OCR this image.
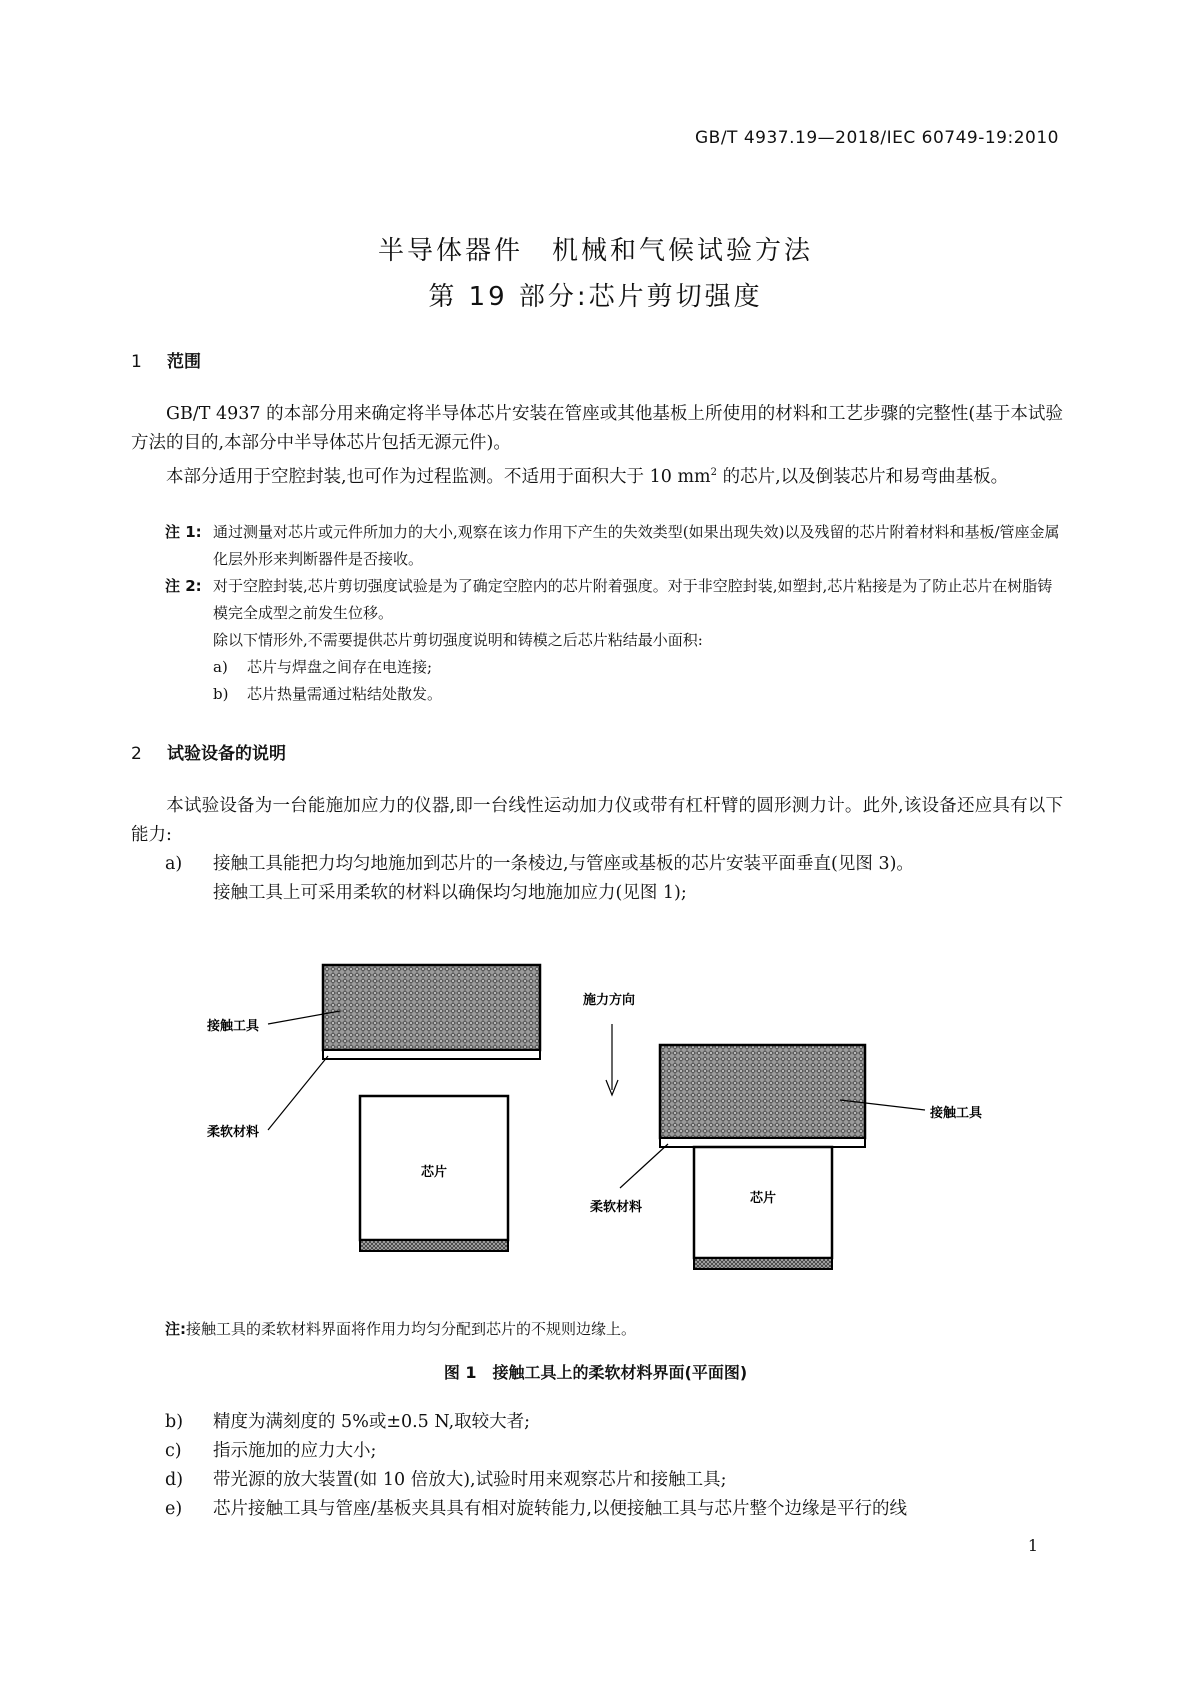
GB/T 4937.19—2018/IEC 60749-19:2010
半导体器件　机械和气候试验方法
第 19 部分:芯片剪切强度
1 范围
GB/T 4937 的本部分用来确定将半导体芯片安装在管座或其他基板上所使用的材料和工艺步骤的完整性(基于本试验方法的目的,本部分中半导体芯片包括无源元件)。
本部分适用于空腔封装,也可作为过程监测。不适用于面积大于 10 $mm^2$ 的芯片,以及倒装芯片和易弯曲基板。
注 1: 通过测量对芯片或元件所加力的大小,观察在该力作用下产生的失效类型(如果出现失效)以及残留的芯片附着材料和基板/管座金属化层外形来判断器件是否接收。
注 2: 对于空腔封装,芯片剪切强度试验是为了确定空腔内的芯片附着强度。对于非空腔封装,如塑封,芯片粘接是为了防止芯片在树脂铸模完全成型之前发生位移。
除以下情形外,不需要提供芯片剪切强度说明和铸模之后芯片粘结最小面积:
a) 芯片与焊盘之间存在电连接;
b) 芯片热量需通过粘结处散发。
2 试验设备的说明
本试验设备为一台能施加应力的仪器,即一台线性运动加力仪或带有杠杆臂的圆形测力计。此外,该设备还应具有以下能力:
a) 接触工具能把力均匀地施加到芯片的一条棱边,与管座或基板的芯片安装平面垂直(见图 3)。
接触工具上可采用柔软的材料以确保均匀地施加应力(见图 1);
接触工具
柔软材料
芯片
施力方向
接触工具
柔软材料
芯片
注:接触工具的柔软材料界面将作用力均匀分配到芯片的不规则边缘上。
图 1　接触工具上的柔软材料界面(平面图)
b) 精度为满刻度的 5%或±0.5 N,取较大者;
c) 指示施加的应力大小;
d) 带光源的放大装置(如 10 倍放大),试验时用来观察芯片和接触工具;
e) 芯片接触工具与管座/基板夹具具有相对旋转能力,以便接触工具与芯片整个边缘是平行的线
1
